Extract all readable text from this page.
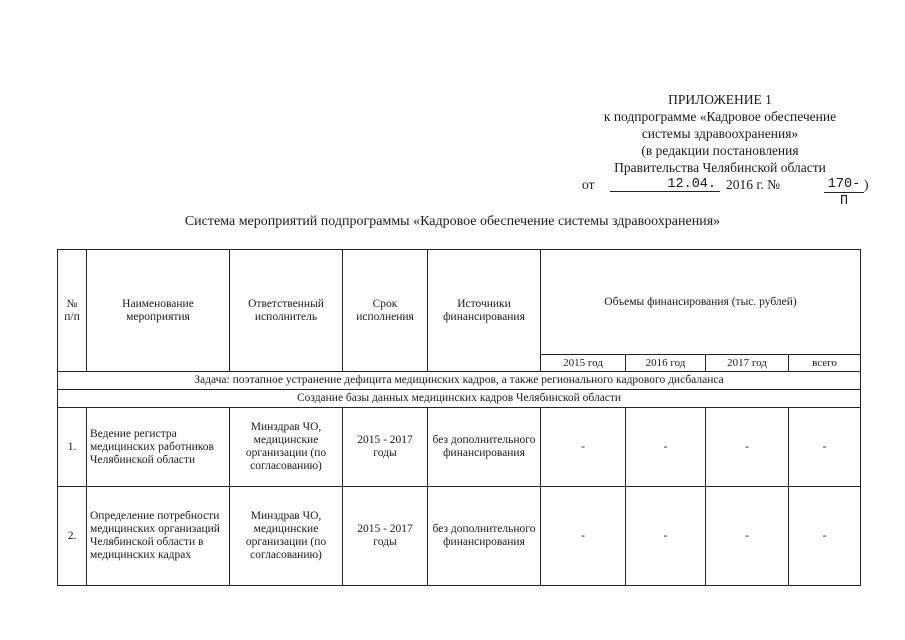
ПРИЛОЖЕНИЕ 1
к подпрограмме «Кадровое обеспечение
системы здравоохранения»
(в редакции постановления
Правительства Челябинской области
от	12.04. 2016 г. №	170-П
)
Система мероприятий подпрограммы «Кадровое обеспечение системы здравоохранения»
№ п/п	Наименование мероприятия	Ответственный исполнитель	Срок исполнения	Источники финансирования	Объемы финансирования (тыс. рублей)			
					2015 год	2016 год	2017 год	всего
Задача: поэтапное устранение дефицита медицинских кадров, а также регионального кадрового дисбаланса								
Создание базы данных медицинских кадров Челябинской области								
1.	Ведение регистра медицинских работников Челябинской области	Минздрав ЧО, медицинские организации (по согласованию)	2015 - 2017 годы	без дополнительного финансирования	-	-	-	-
2.	Определение потребности медицинских организаций Челябинской области в медицинских кадрах	Минздрав ЧО, медицинские организации (по согласованию)	2015 - 2017 годы	без дополнительного финансирования	-	-	-	-
